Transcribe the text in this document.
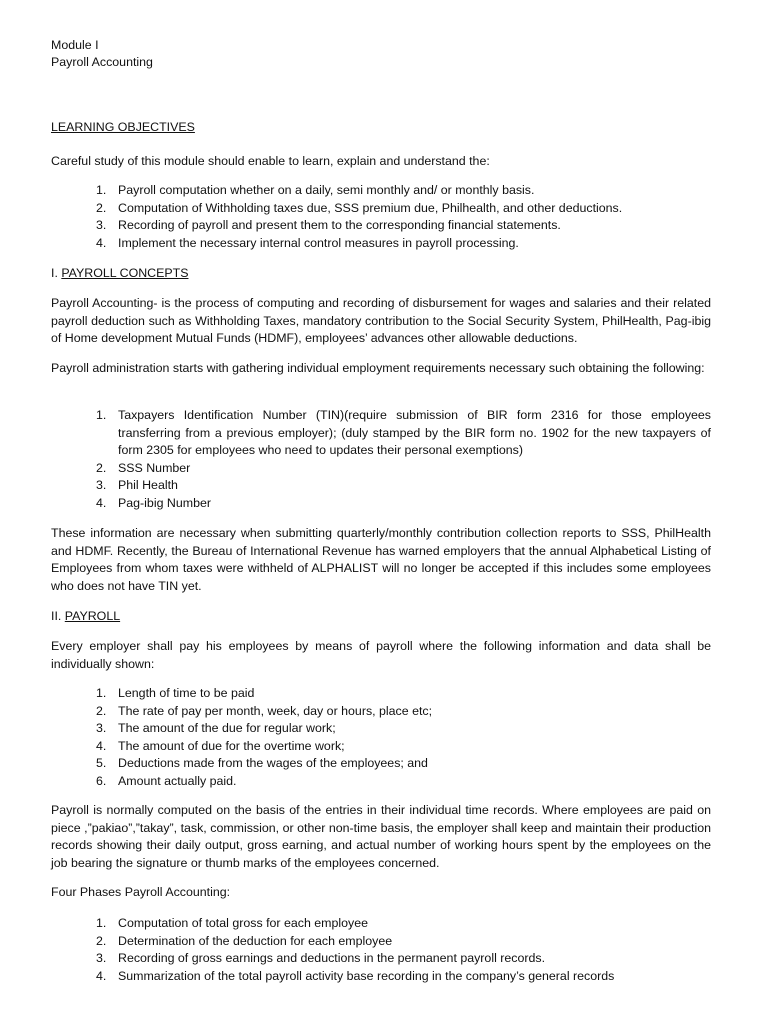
Module I
Payroll Accounting
LEARNING OBJECTIVES
Careful study of this module should enable to learn, explain and understand the:
1. Payroll computation whether on a daily, semi monthly and/ or monthly basis.
2. Computation of Withholding taxes due, SSS premium due, Philhealth, and other deductions.
3. Recording of payroll and present them to the corresponding financial statements.
4. Implement the necessary internal control measures in payroll processing.
I. PAYROLL CONCEPTS
Payroll Accounting- is the process of computing and recording of disbursement for wages and salaries and their related payroll deduction such as Withholding Taxes, mandatory contribution to the Social Security System, PhilHealth, Pag-ibig of Home development Mutual Funds (HDMF), employees’ advances other allowable deductions.
Payroll administration starts with gathering individual employment requirements necessary such obtaining the following:
1. Taxpayers Identification Number (TIN)(require submission of BIR form 2316 for those employees transferring from a previous employer); (duly stamped by the BIR form no. 1902 for the new taxpayers of form 2305 for employees who need to updates their personal exemptions)
2. SSS Number
3. Phil Health
4. Pag-ibig Number
These information are necessary when submitting quarterly/monthly contribution collection reports to SSS, PhilHealth and HDMF. Recently, the Bureau of International Revenue has warned employers that the annual Alphabetical Listing of Employees from whom taxes were withheld of ALPHALIST will no longer be accepted if this includes some employees who does not have TIN yet.
II. PAYROLL
Every employer shall pay his employees by means of payroll where the following information and data shall be individually shown:
1. Length of time to be paid
2. The rate of pay per month, week, day or hours, place etc;
3. The amount of the due for regular work;
4. The amount of due for the overtime work;
5. Deductions made from the wages of the employees; and
6. Amount actually paid.
Payroll is normally computed on the basis of the entries in their individual time records. Where employees are paid on piece ,”pakiao”,”takay”, task, commission, or other non-time basis, the employer shall keep and maintain their production records showing their daily output, gross earning, and actual number of working hours spent by the employees on the job bearing the signature or thumb marks of the employees concerned.
Four Phases Payroll Accounting:
1. Computation of total gross for each employee
2. Determination of the deduction for each employee
3. Recording of gross earnings and deductions in the permanent payroll records.
4. Summarization of the total payroll activity base recording in the company’s general records
